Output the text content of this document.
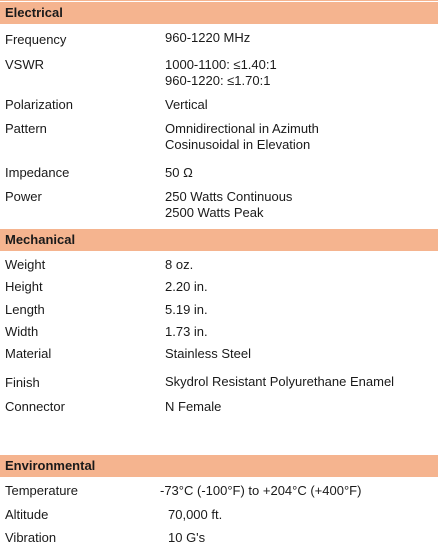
Electrical
Frequency	960-1220 MHz
VSWR	1000-1100: ≤1.40:1
960-1220: ≤1.70:1
Polarization	Vertical
Pattern	Omnidirectional in Azimuth
Cosinusoidal in Elevation
Impedance	50 Ω
Power	250 Watts Continuous
2500 Watts Peak
Mechanical
Weight	8 oz.
Height	2.20 in.
Length	5.19 in.
Width	1.73 in.
Material	Stainless Steel
Finish	Skydrol Resistant Polyurethane Enamel
Connector	N Female
Environmental
Temperature	-73°C (-100°F) to +204°C (+400°F)
Altitude	70,000 ft.
Vibration	10 G's
